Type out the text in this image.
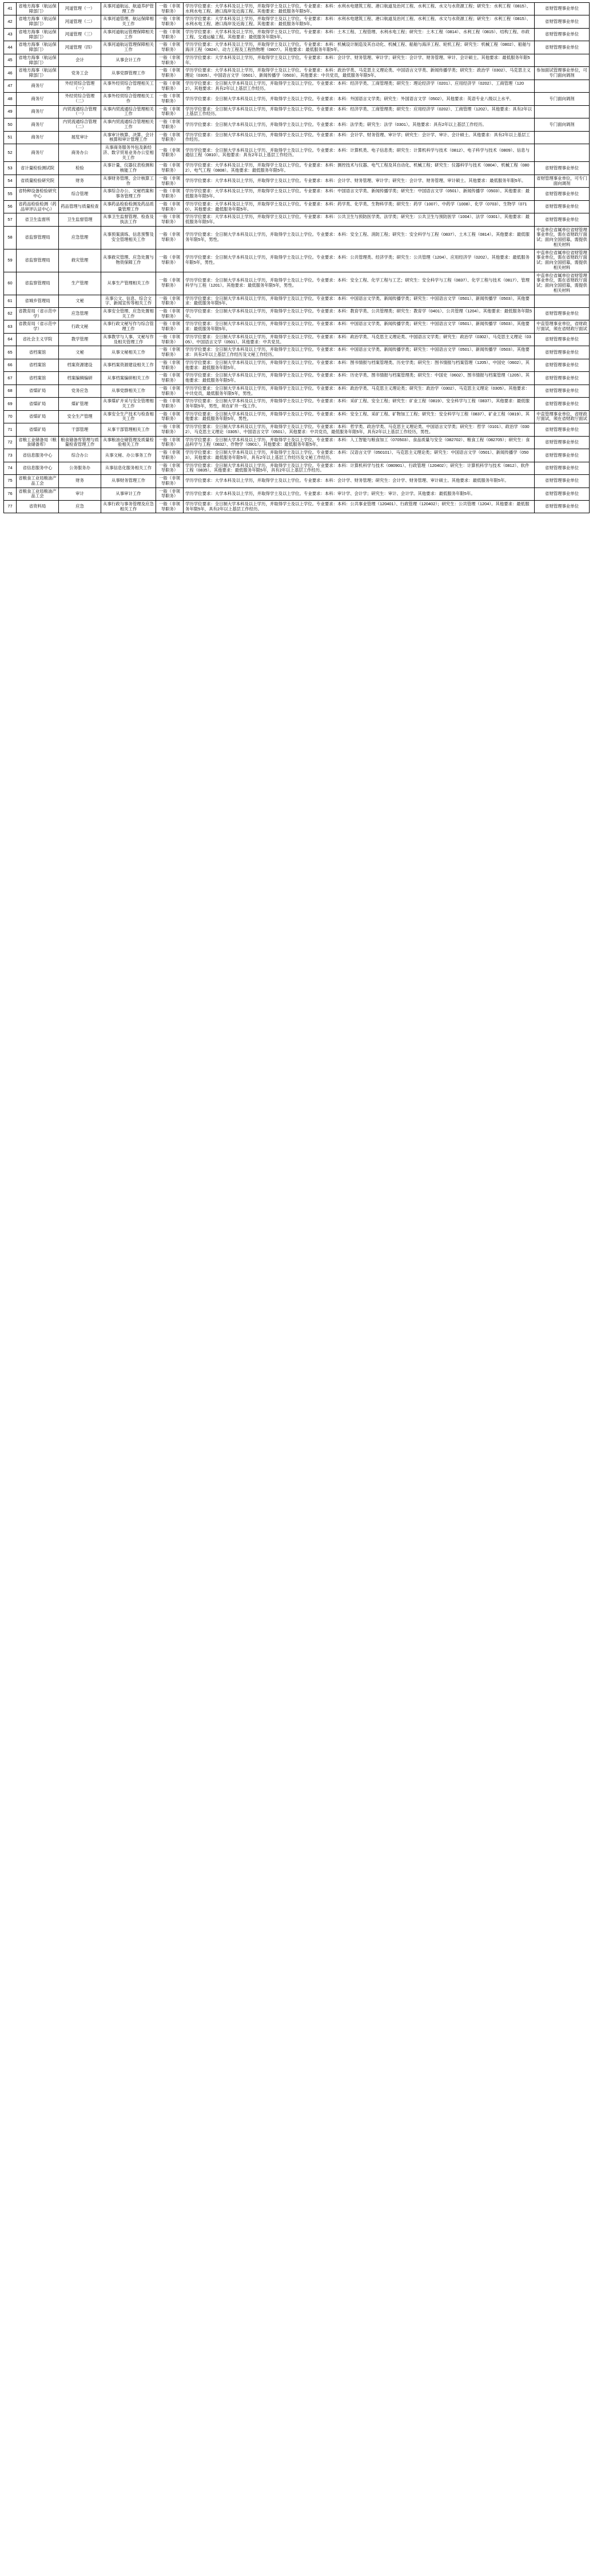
41	省地方海事（航运保障部门）	河道管理（一）	从事河道航运、航道养护管理工作	一般（非领导职务）	学历学位要求：大学本科及以上学历，并取得学士及以上学位。专业要求：本科：水利水电建筑工程、港口航道及治河工程、水利工程、水文与水资源工程；研究生：水利工程（0815）、水利水电工程、港口海岸及近海工程。其他要求：最低服务年限5年。	省财管理事业单位
42	省地方海事（航运保障部门）	河道管理（二）	从事河道管理、航运保障相关工作	一般（非领导职务）	学历学位要求：大学本科及以上学历，并取得学士及以上学位。专业要求：本科：水利水电建筑工程、港口航道及治河工程、水利工程、水文与水资源工程；研究生：水利工程（0815）、水利水电工程、港口海岸及近海工程。其他要求：最低服务年限5年。	省财管理事业单位
43	省地方海事（航运保障部门）	河道管理（三）	从事河道航运管理保障相关工作	一般（非领导职务）	学历学位要求：大学本科及以上学历，并取得学士及以上学位。专业要求：本科：土木工程、工程管理、水利水电工程；研究生：土木工程（0814）、水利工程（0815）、结构工程、市政工程、交通运输工程。其他要求：最低服务年限5年。	省财管理事业单位
44	省地方海事（航运保障部门）	河道管理（四）	从事河道航运管理保障相关工作	一般（非领导职务）	学历学位要求：大学本科及以上学历，并取得学士及以上学位。专业要求：本科：机械设计制造及其自动化、机械工程、船舶与海洋工程、轮机工程；研究生：机械工程（0802）、船舶与海洋工程（0824）、动力工程及工程热物理（0807）。其他要求：最低服务年限5年。	省财管理事业单位
45	省地方海事（航运保障部门）	会计	从事会计工作	一般（非领导职务）	学历学位要求：大学本科及以上学历，并取得学士及以上学位。专业要求：本科：会计学、财务管理、审计学；研究生：会计学、财务管理、审计、会计硕士。其他要求：最低服务年限5年。	
46	省地方海事（航运保障部门）	党务工会	从事党群管理工作	一般（非领导职务）	学历学位要求：大学本科及以上学历，并取得学士及以上学位。专业要求：本科：政治学类、马克思主义理论类、中国语言文学类、新闻传播学类；研究生：政治学（0302）、马克思主义理论（0305）、中国语言文学（0501）、新闻传播学（0503）。其他要求：中共党员，最低服务年限5年。	参加面试管理事业单位，可专门面向调剂
47	商务厅	外经贸综合管理（一）	从事外经贸综合管理相关工作	一般（非领导职务）	学历学位要求：全日制大学本科及以上学历，并取得学士及以上学位。专业要求：本科：经济学类、工商管理类；研究生：理论经济学（0201）、应用经济学（0202）、工商管理（1202）。其他要求：具有2年以上基层工作经历。	
48	商务厅	外经贸综合管理（二）	从事外经贸综合管理相关工作	一般（非领导职务）	学历学位要求：全日制大学本科及以上学历，并取得学士及以上学位。专业要求：本科：外国语言文学类；研究生：外国语言文学（0502）。其他要求：英语专业八级以上水平。	专门面向调剂
49	商务厅	内贸流通综合管理（一）	从事内贸流通综合管理相关工作	一般（非领导职务）	学历学位要求：全日制大学本科及以上学历，并取得学士及以上学位。专业要求：本科：经济学类、工商管理类；研究生：应用经济学（0202）、工商管理（1202）。其他要求：具有2年以上基层工作经历。	
50	商务厅	内贸流通综合管理（二）	从事内贸流通综合管理相关工作	一般（非领导职务）	学历学位要求：全日制大学本科及以上学历，并取得学士及以上学位。专业要求：本科：法学类；研究生：法学（0301）。其他要求：具有2年以上基层工作经历。	专门面向调剂
51	商务厅	展览审计	从事审计核算、决算、会计核算和审计管理工作	一般（非领导职务）	学历学位要求：全日制大学本科及以上学历，并取得学士及以上学位。专业要求：本科：会计学、财务管理、审计学；研究生：会计学、审计、会计硕士。其他要求：具有2年以上基层工作经历。	
52	商务厅	商务办公	从事商务服务外包及新经济、数字贸易业务办公室相关工作	一般（非领导职务）	学历学位要求：全日制大学本科及以上学历，并取得学士及以上学位。专业要求：本科：计算机类、电子信息类；研究生：计算机科学与技术（0812）、电子科学与技术（0809）、信息与通信工程（0810）。其他要求：具有2年以上基层工作经历。	
53	省计量检验测试院	检验	从事计量、仪器仪表检测和核能工作	一般（非领导职务）	学历学位要求：大学本科及以上学历，并取得学士及以上学位。专业要求：本科：测控技术与仪器、电气工程及其自动化、机械工程；研究生：仪器科学与技术（0804）、机械工程（0802）、电气工程（0808）。其他要求：最低服务年限5年。	省财管理事业单位
54	省质量检验研究院	财务	从事财务管理、会计核算工作	一般（非领导职务）	学历学位要求：大学本科及以上学历，并取得学士及以上学位。专业要求：本科：会计学、财务管理、审计学；研究生：会计学、财务管理、审计硕士。其他要求：最低服务年限5年。	省财管理事业单位，可专门面向调剂
55	省特种设备检验研究中心	综合管理	从事综合办公、文秘档案和事务管理工作	一般（非领导职务）	学历学位要求：大学本科及以上学历，并取得学士及以上学位。专业要求：本科：中国语言文学类、新闻传播学类；研究生：中国语言文学（0501）、新闻传播学（0503）。其他要求：最低服务年限5年。	省财管理事业单位
56	省药品检验检测（药品审评认证中心）	药品管理与质量检查	从事药品检验检测及药品质量管理工作	一般（非领导职务）	学历学位要求：大学本科及以上学历，并取得学士及以上学位。专业要求：本科：药学类、化学类、生物科学类；研究生：药学（1007）、中药学（1008）、化学（0703）、生物学（0710）。其他要求：最低服务年限5年。	省财管理事业单位
57	省卫生监督所	卫生监督管理	从事卫生监督管理、检查及执法工作	一般（非领导职务）	学历学位要求：大学本科及以上学历，并取得学士及以上学位。专业要求：本科：公共卫生与预防医学类、法学类；研究生：公共卫生与预防医学（1004）、法学（0301）。其他要求：最低服务年限5年。	省财管理事业单位
58	省监察管理局	应急管理	从事预案演练、信息预警及安全管理相关工作	一般（非领导职务）	学历学位要求：全日制大学本科及以上学历，并取得学士及以上学位。专业要求：本科：安全工程、消防工程；研究生：安全科学与工程（0837）、土木工程（0814）。其他要求：最低服务年限5年，男性。	中直单位省属单位省财管理事业单位，需在省财政厅面试；面向全国招募，需提供相关材料
59	省监察管理局	救灾管理	从事救灾管理、应急处置与物资保障工作	一般（非领导职务）	学历学位要求：全日制大学本科及以上学历，并取得学士及以上学位。专业要求：本科：公共管理类、经济学类；研究生：公共管理（1204）、应用经济学（0202）。其他要求：最低服务年限5年，男性。	中直单位省属单位省财管理事业单位，需在省财政厅面试；面向全国招募，需提供相关材料
60	省监察管理局	生产管理	从事生产管理相关工作	一般（非领导职务）	学历学位要求：全日制大学本科及以上学历，并取得学士及以上学位。专业要求：本科：安全工程、化学工程与工艺；研究生：安全科学与工程（0837）、化学工程与技术（0817）、管理科学与工程（1201）。其他要求：最低服务年限5年，男性。	中直单位省属单位省财管理事业单位，需在省财政厅面试；面向全国招募，需提供相关材料
61	省城乡管理局	文秘	从事公文、信息、综合文字、新闻宣传等相关工作	一般（非领导职务）	学历学位要求：全日制大学本科及以上学历，并取得学士及以上学位。专业要求：本科：中国语言文学类、新闻传播学类；研究生：中国语言文学（0501）、新闻传播学（0503）。其他要求：最低服务年限5年。	
62	省教育局（省示范中学）	应急管理	从事安全管理、应急处置相关工作	一般（非领导职务）	学历学位要求：全日制大学本科及以上学历，并取得学士及以上学位。专业要求：本科：教育学类、公共管理类；研究生：教育学（0401）、公共管理（1204）。其他要求：最低服务年限5年。	省财管理事业单位
63	省教育局（省示范中学）	行政文秘	从事行政文秘写作与综合管理工作	一般（非领导职务）	学历学位要求：全日制大学本科及以上学历，并取得学士及以上学位。专业要求：本科：中国语言文学类、新闻传播学类；研究生：中国语言文学（0501）、新闻传播学（0503）。其他要求：最低服务年限5年。	中直管理事业单位，省财政厅面试，须在省财政厅面试
64	省社会主义学院	教学管理	从事教学与人事、文秘写作及相关管理工作	一般（非领导职务）	学历学位要求：全日制大学本科及以上学历，并取得学士及以上学位。专业要求：本科：政治学类、马克思主义理论类、中国语言文学类；研究生：政治学（0302）、马克思主义理论（0305）、中国语言文学（0501）。其他要求：中共党员。	省财管理事业单位
65	省档案馆	文秘	从事文秘相关工作	一般（非领导职务）	学历学位要求：全日制大学本科及以上学历，并取得学士及以上学位。专业要求：本科：中国语言文学类、新闻传播学类；研究生：中国语言文学（0501）、新闻传播学（0503）。其他要求：具有2年以上基层工作经历及文秘工作经历。	省财管理事业单位
66	省档案馆	档案资源建设	从事档案资源建设相关工作	一般（非领导职务）	学历学位要求：全日制大学本科及以上学历，并取得学士及以上学位。专业要求：本科：图书情报与档案管理类、历史学类；研究生：图书情报与档案管理（1205）、中国史（0602）。其他要求：最低服务年限5年。	省财管理事业单位
67	省档案馆	档案编辑编研	从事档案编研相关工作	一般（非领导职务）	学历学位要求：全日制大学本科及以上学历，并取得学士及以上学位。专业要求：本科：历史学类、图书情报与档案管理类；研究生：中国史（0602）、图书情报与档案管理（1205）。其他要求：最低服务年限5年。	省财管理事业单位
68	省煤矿局	党务应急	从事党群相关工作	一般（非领导职务）	学历学位要求：全日制大学本科及以上学历，并取得学士及以上学位。专业要求：本科：政治学类、马克思主义理论类；研究生：政治学（0302）、马克思主义理论（0305）。其他要求：中共党员，最低服务年限5年，男性。	省财管理事业单位
69	省煤矿局	煤矿管理	从事煤矿开采与安全管理相关工作	一般（非领导职务）	学历学位要求：全日制大学本科及以上学历，并取得学士及以上学位。专业要求：本科：采矿工程、安全工程；研究生：矿业工程（0819）、安全科学与工程（0837）。其他要求：最低服务年限5年，男性，须在矿井一线工作。	省财管理事业单位
70	省煤矿局	安全生产管理	从事安全生产技术与检查相关工作	一般（非领导职务）	学历学位要求：全日制大学本科及以上学历，并取得学士及以上学位。专业要求：本科：安全工程、采矿工程、矿物加工工程；研究生：安全科学与工程（0837）、矿业工程（0819）。其他要求：最低服务年限5年，男性。	中直管理事业单位，省财政厅面试，须在省财政厅面试
71	省煤矿局	干部管理	从事干部管理相关工作	一般（非领导职务）	学历学位要求：全日制大学本科及以上学历，并取得学士及以上学位。专业要求：本科：哲学类、政治学类、马克思主义理论类、中国语言文学类；研究生：哲学（0101）、政治学（0302）、马克思主义理论（0305）、中国语言文学（0501）。其他要求：中共党员，最低服务年限5年，具有2年以上基层工作经历，男性。	省财管理事业单位
72	省粮工业储备局（粮食储备库）	粮食储备库管理与质量检查管理工作	从事粮油仓储管理及质量检验相关工作	一般（非领导职务）	学历学位要求：全日制大学本科及以上学历，并取得学士及以上学位。专业要求：本科：人工智能与粮食加工（070503）、食品质量与安全（082702）、粮食工程（082705）；研究生：食品科学与工程（0832）、作物学（0901）。其他要求：最低服务年限5年。	省财管理事业单位
73	省信息服务中心	综合办公	从事文秘、办公事务工作	一般（非领导职务）	学历学位要求：全日制大学本科及以上学历，并取得学士及以上学位。专业要求：本科：汉语言文学（050101）、马克思主义理论类；研究生：中国语言文学（0501）、新闻传播学（0503）。其他要求：最低服务年限5年，具有2年以上基层工作经历及文秘工作经历。	省财管理事业单位
74	省信息服务中心	公务服务办	从事信息化服务相关工作	一般（非领导职务）	学历学位要求：全日制大学本科及以上学历，并取得学士及以上学位。专业要求：本科：计算机科学与技术（080901）、行政管理（120402）；研究生：计算机科学与技术（0812）、软件工程（0835）。其他要求：最低服务年限5年，具有2年以上基层工作经历。	省财管理事业单位
75	省粮食工业局粮油产品工会	财务	从事财务管理工作	一般（非领导职务）	学历学位要求：大学本科及以上学历，并取得学士及以上学位。专业要求：本科：会计学、财务管理；研究生：会计学、财务管理、审计硕士。其他要求：最低服务年限5年。	省财管理事业单位
76	省粮食工业局粮油产品工会	审计	从事审计工作	一般（非领导职务）	学历学位要求：大学本科及以上学历，并取得学士及以上学位。专业要求：本科：审计学、会计学；研究生：审计、会计学。其他要求：最低服务年限5年。	省财管理事业单位
77	省资料局	应急	从事行政与事务管理及应急相关工作	一般（非领导职务）	学历学位要求：全日制大学本科及以上学历，并取得学士及以上学位。专业要求：本科：公共事业管理（120401）、行政管理（120402）；研究生：公共管理（1204）。其他要求：最低服务年限5年，具有2年以上基层工作经历。	省财管理事业单位
